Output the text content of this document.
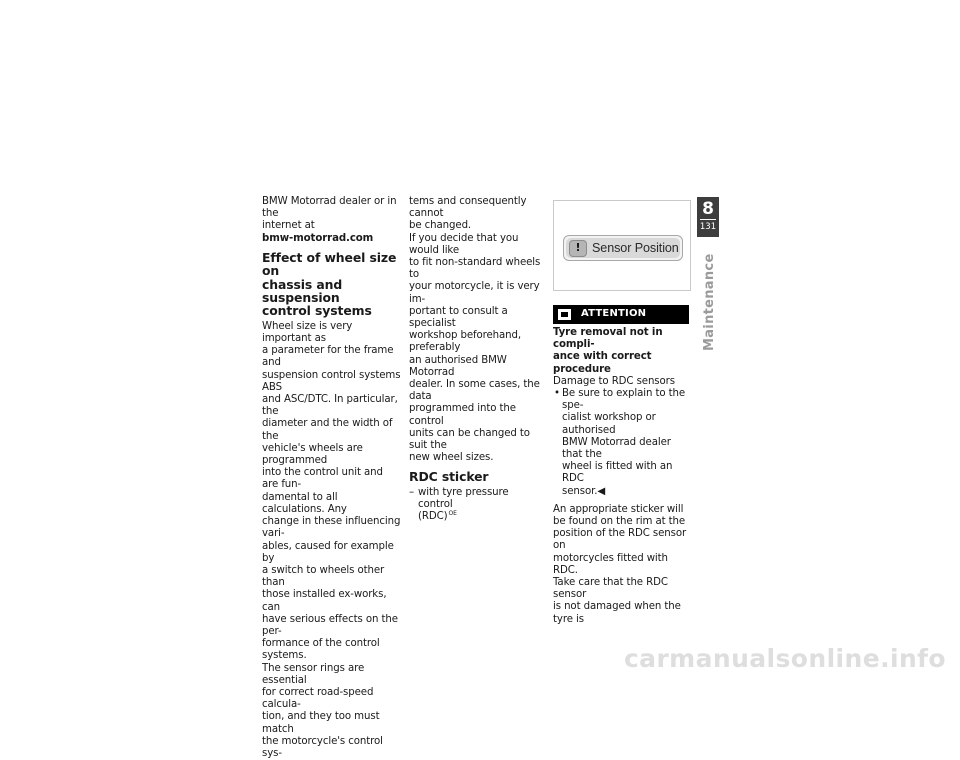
BMW Motorrad dealer or in the

internet at

bmw-motorrad.com

Effect of wheel size on
chassis and suspension
control systems

Wheel size is very important as

a parameter for the frame and

suspension control systems ABS

and ASC/DTC. In particular, the

diameter and the width of the

vehicle's wheels are programmed

into the control unit and are fun-

damental to all calculations. Any

change in these influencing vari-

ables, caused for example by

a switch to wheels other than

those installed ex-works, can

have serious effects on the per-

formance of the control systems.

The sensor rings are essential

for correct road-speed calcula-

tion, and they too must match

the motorcycle's control sys-

tems and consequently cannot

be changed.

If you decide that you would like

to fit non-standard wheels to

your motorcycle, it is very im-

portant to consult a specialist

workshop beforehand, preferably

an authorised BMW Motorrad

dealer. In some cases, the data

programmed into the control

units can be changed to suit the

new wheel sizes.

RDC sticker
– with tyre pressure control
(RDC)$^{OE}$
! Sensor Position
ATTENTION

Tyre removal not in compli-

ance with correct procedure

Damage to RDC sensors

• Be sure to explain to the spe-
cialist workshop or authorised
BMW Motorrad dealer that the
wheel is fitted with an RDC
sensor.◀

An appropriate sticker will

be found on the rim at the

position of the RDC sensor on

motorcycles fitted with RDC.

Take care that the RDC sensor

is not damaged when the tyre is

8
131
Maintenance
carmanualsonline.info
